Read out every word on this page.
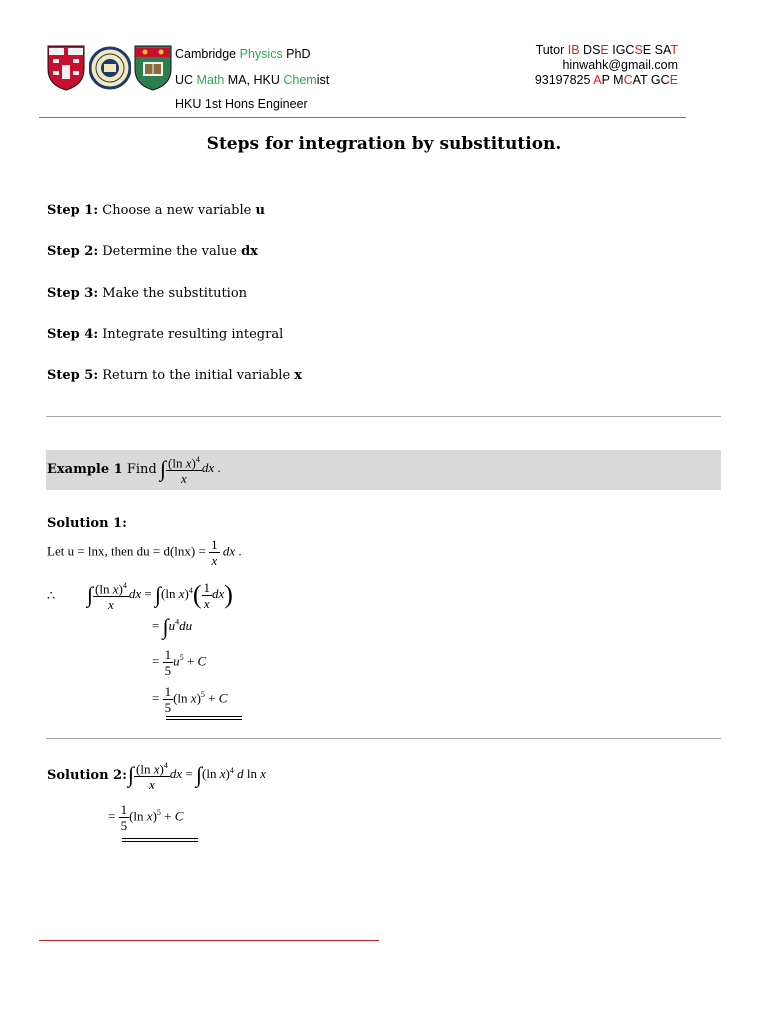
Cambridge Physics PhD
UC Math MA, HKU Chemist
HKU 1st Hons Engineer
Tutor IB DSE IGCSE SAT
hinwahk@gmail.com
93197825 AP MCAT GCE
Steps for integration by substitution.
Step 1: Choose a new variable u
Step 2: Determine the value dx
Step 3: Make the substitution
Step 4: Integrate resulting integral
Step 5: Return to the initial variable x
Example 1 Find ∫ $\frac{(\ln x)^4}{x}$ dx .
Solution 1:
Let u = lnx, then du = $d(\ln x) = \frac{1}{x}$ dx .
∴ ∫ $\frac{(\ln x)^4}{x}$ dx = ∫(ln $x)^4( \frac{1}{x} dx)$
= $\int u^4du$
= $\frac{1}{5} u^5 + C$
= $\frac{1}{5} (\ln$ x)$^5$ + C
Solution 2: ∫ $\frac{(\ln x)^4}{x}$ dx = ∫(ln x)$^4$ d ln x
= $\frac{1}{5} (\ln$ x)$^5$ + C
